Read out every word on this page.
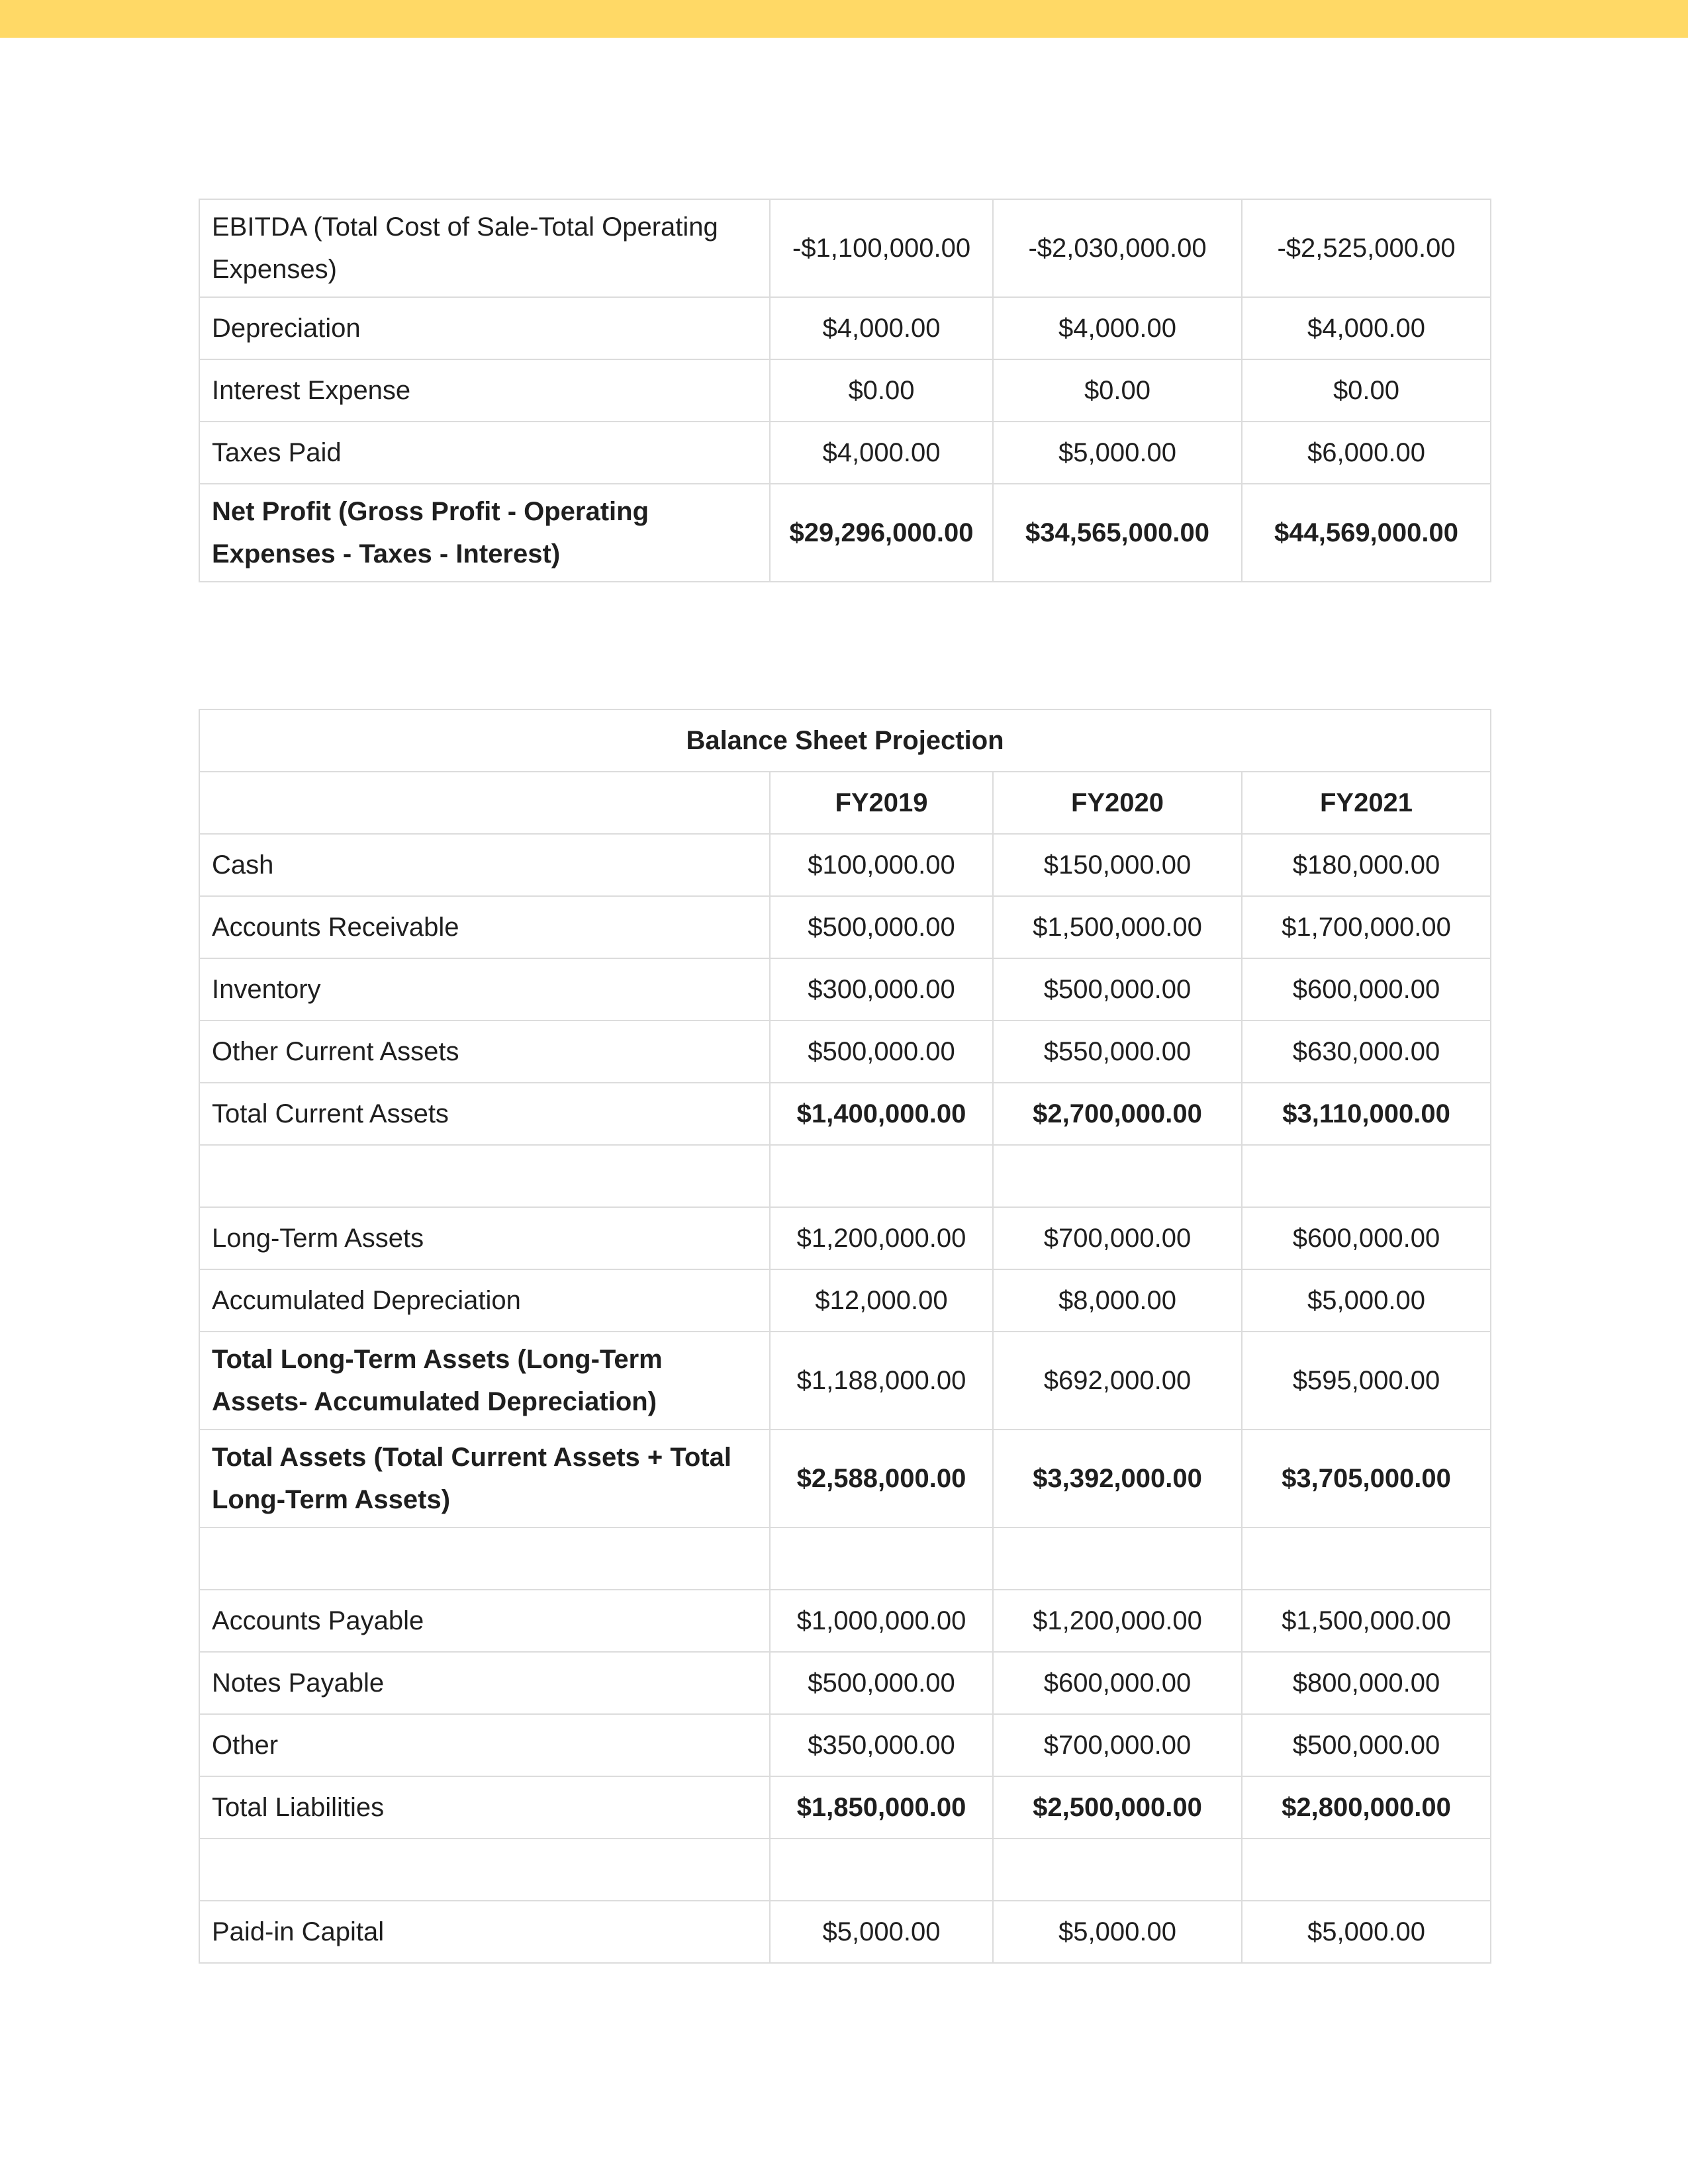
EBITDA (Total Cost of Sale-Total Operating Expenses)	-$1,100,000.00	-$2,030,000.00	-$2,525,000.00
Depreciation	$4,000.00	$4,000.00	$4,000.00
Interest Expense	$0.00	$0.00	$0.00
Taxes Paid	$4,000.00	$5,000.00	$6,000.00
Net Profit (Gross Profit - Operating Expenses - Taxes - Interest)	$29,296,000.00	$34,565,000.00	$44,569,000.00
Balance Sheet Projection			
	FY2019	FY2020	FY2021
Cash	$100,000.00	$150,000.00	$180,000.00
Accounts Receivable	$500,000.00	$1,500,000.00	$1,700,000.00
Inventory	$300,000.00	$500,000.00	$600,000.00
Other Current Assets	$500,000.00	$550,000.00	$630,000.00
Total Current Assets	$1,400,000.00	$2,700,000.00	$3,110,000.00

Long-Term Assets	$1,200,000.00	$700,000.00	$600,000.00
Accumulated Depreciation	$12,000.00	$8,000.00	$5,000.00
Total Long-Term Assets (Long-Term Assets- Accumulated Depreciation)	$1,188,000.00	$692,000.00	$595,000.00
Total Assets (Total Current Assets + Total Long-Term Assets)	$2,588,000.00	$3,392,000.00	$3,705,000.00

Accounts Payable	$1,000,000.00	$1,200,000.00	$1,500,000.00
Notes Payable	$500,000.00	$600,000.00	$800,000.00
Other	$350,000.00	$700,000.00	$500,000.00
Total Liabilities	$1,850,000.00	$2,500,000.00	$2,800,000.00

Paid-in Capital	$5,000.00	$5,000.00	$5,000.00
